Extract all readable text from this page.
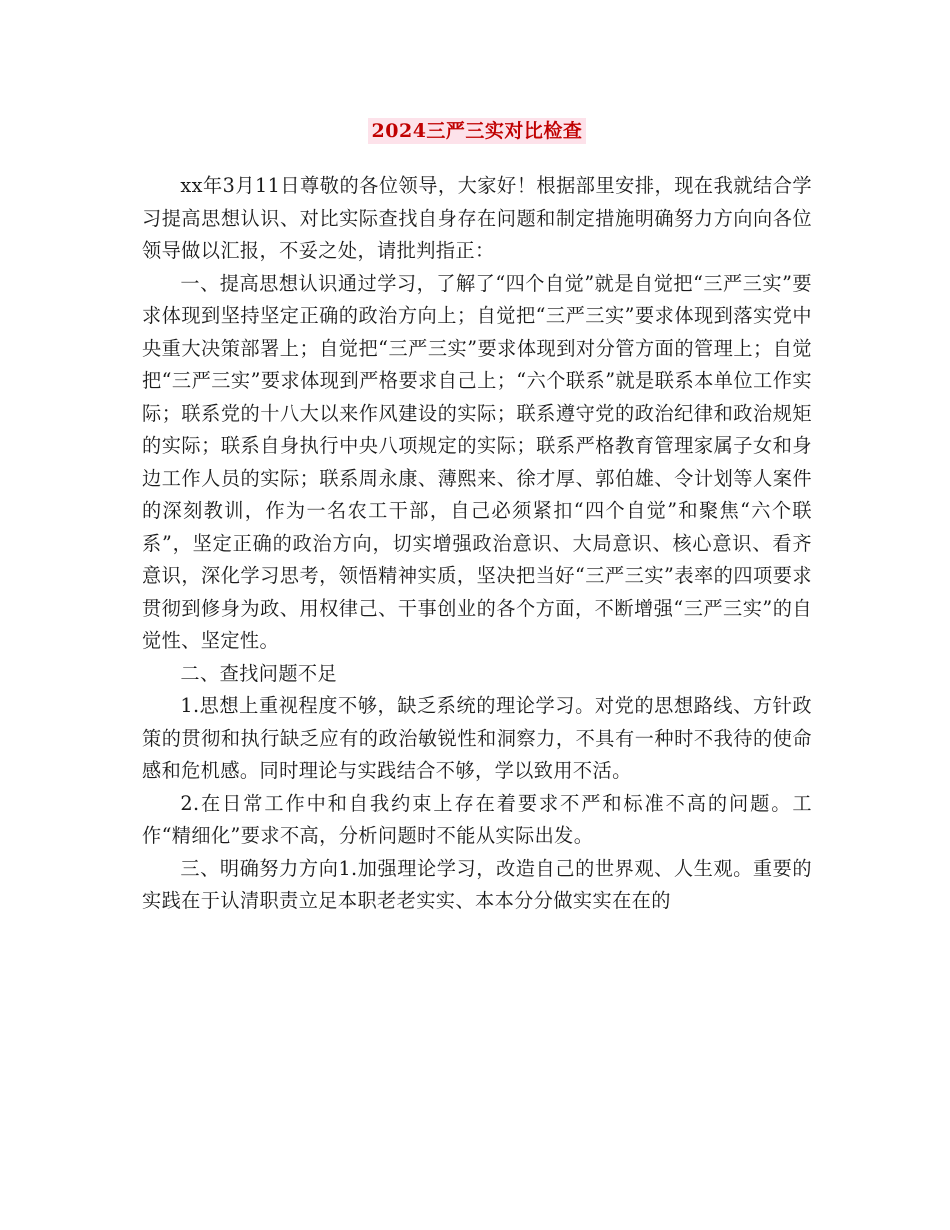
2024三严三实对比检查

xx年3月11日尊敬的各位领导，大家好！根据部里安排，现在我就结合学习提高思想认识、对比实际查找自身存在问题和制定措施明确努力方向向各位领导做以汇报，不妥之处，请批判指正：

一、提高思想认识通过学习，了解了“四个自觉”就是自觉把“三严三实”要求体现到坚持坚定正确的政治方向上；自觉把“三严三实”要求体现到落实党中央重大决策部署上；自觉把“三严三实”要求体现到对分管方面的管理上；自觉把“三严三实”要求体现到严格要求自己上；“六个联系”就是联系本单位工作实际；联系党的十八大以来作风建设的实际；联系遵守党的政治纪律和政治规矩的实际；联系自身执行中央八项规定的实际；联系严格教育管理家属子女和身边工作人员的实际；联系周永康、薄熙来、徐才厚、郭伯雄、令计划等人案件的深刻教训，作为一名农工干部，自己必须紧扣“四个自觉”和聚焦“六个联系”，坚定正确的政治方向，切实增强政治意识、大局意识、核心意识、看齐意识，深化学习思考，领悟精神实质，坚决把当好“三严三实”表率的四项要求贯彻到修身为政、用权律己、干事创业的各个方面，不断增强“三严三实”的自觉性、坚定性。

二、查找问题不足

1.思想上重视程度不够，缺乏系统的理论学习。对党的思想路线、方针政策的贯彻和执行缺乏应有的政治敏锐性和洞察力，不具有一种时不我待的使命感和危机感。同时理论与实践结合不够，学以致用不活。

2.在日常工作中和自我约束上存在着要求不严和标准不高的问题。工作“精细化”要求不高，分析问题时不能从实际出发。

三、明确努力方向1.加强理论学习，改造自己的世界观、人生观。重要的实践在于认清职责立足本职老老实实、本本分分做实实在在的
